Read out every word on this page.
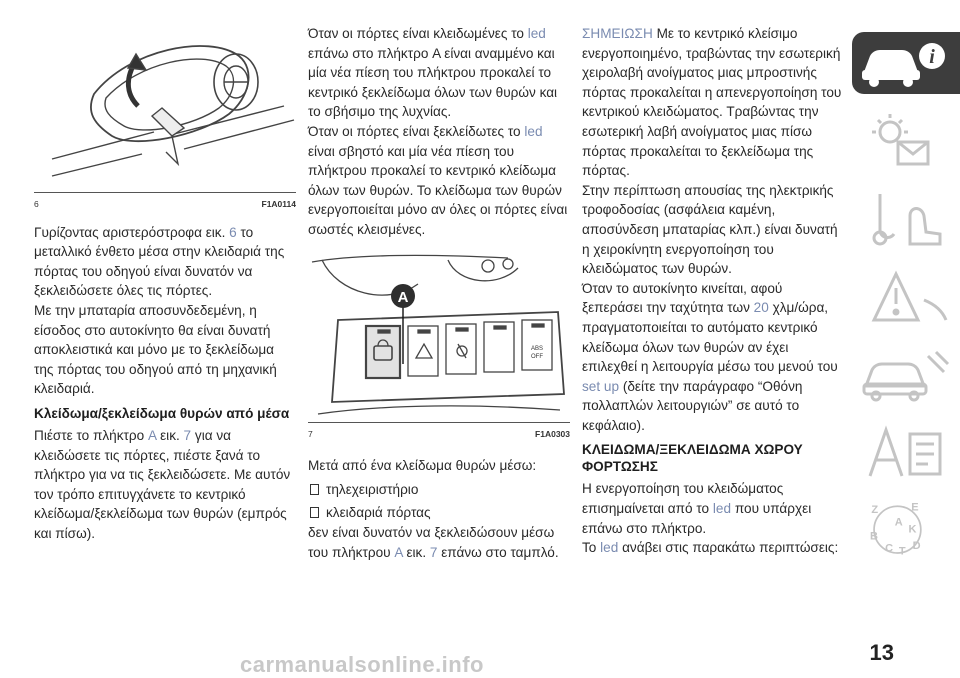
6	F1A0114

Γυρίζοντας αριστερόστροφα εικ. 6 το μεταλλικό ένθετο μέσα στην κλειδαριά της πόρτας του οδηγού είναι δυνατόν να ξεκλειδώσετε όλες τις πόρτες.

Με την μπαταρία αποσυνδεδεμένη, η είσοδος στο αυτοκίνητο θα είναι δυνατή αποκλειστικά και μόνο με το ξεκλείδωμα της πόρτας του οδηγού από τη μηχανική κλειδαριά.

Κλείδωμα/ξεκλείδωμα θυρών από μέσα

Πιέστε το πλήκτρο A εικ. 7 για να κλειδώσετε τις πόρτες, πιέστε ξανά το πλήκτρο για να τις ξεκλειδώσετε. Με αυτόν τον τρόπο επιτυγχάνετε το κεντρικό κλείδωμα/ξεκλείδωμα των θυρών (εμπρός και πίσω).

Όταν οι πόρτες είναι κλειδωμένες το led επάνω στο πλήκτρο A είναι αναμμένο και μία νέα πίεση του πλήκτρου προκαλεί το κεντρικό ξεκλείδωμα όλων των θυρών και το σβήσιμο της λυχνίας.

Όταν οι πόρτες είναι ξεκλείδωτες το led είναι σβηστό και μία νέα πίεση του πλήκτρου προκαλεί το κεντρικό κλείδωμα όλων των θυρών. Το κλείδωμα των θυρών ενεργοποιείται μόνο αν όλες οι πόρτες είναι σωστές κλεισμένες.

A
ABS
OFF
7	F1A0303

Μετά από ένα κλείδωμα θυρών μέσω:

τηλεχειριστήριο
κλειδαριά πόρτας

δεν είναι δυνατόν να ξεκλειδώσουν μέσω του πλήκτρου A εικ. 7 επάνω στο ταμπλό.

ΣΗΜΕΙΩΣΗ Με το κεντρικό κλείσιμο ενεργοποιημένο, τραβώντας την εσωτερική χειρολαβή ανοίγματος μιας μπροστινής πόρτας προκαλείται η απενεργοποίηση του κεντρικού κλειδώματος. Τραβώντας την εσωτερική λαβή ανοίγματος μιας πίσω πόρτας προκαλείται το ξεκλείδωμα της πόρτας.

Στην περίπτωση απουσίας της ηλεκτρικής τροφοδοσίας (ασφάλεια καμένη, αποσύνδεση μπαταρίας κλπ.) είναι δυνατή η χειροκίνητη ενεργοποίηση του κλειδώματος των θυρών.

Όταν το αυτοκίνητο κινείται, αφού ξεπεράσει την ταχύτητα των 20 χλμ/ώρα, πραγματοποιείται το αυτόματο κεντρικό κλείδωμα όλων των θυρών αν έχει επιλεχθεί η λειτουργία μέσω του μενού του set up (δείτε την παράγραφο “Οθόνη πολλαπλών λειτουργιών” σε αυτό το κεφάλαιο).

ΚΛΕΙΔΩΜΑ/ΞΕΚΛΕΙΔΩΜΑ ΧΩΡΟΥ ΦΟΡΤΩΣΗΣ

Η ενεργοποίηση του κλειδώματος επισημαίνεται από το led που υπάρχει επάνω στο πλήκτρο.

Το led ανάβει στις παρακάτω περιπτώσεις:

i
Z E
A
K
B
C T D
13
carmanualsonline.info
